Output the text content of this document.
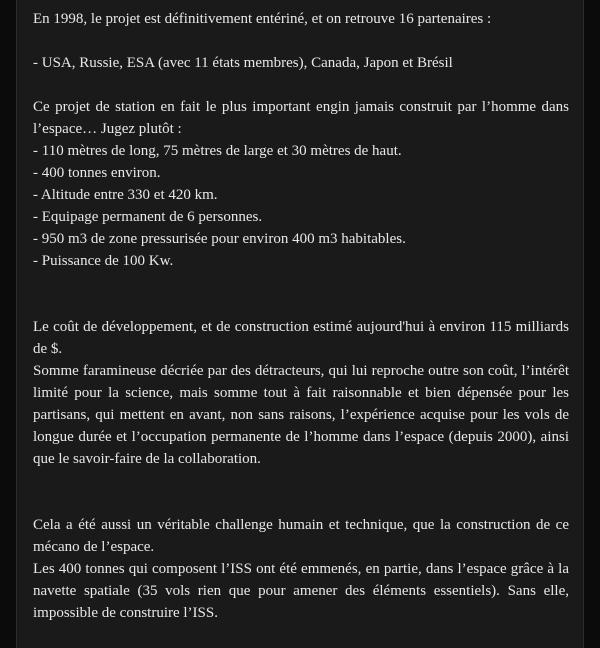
En 1998, le projet est définitivement entériné, et on retrouve 16 partenaires :

- USA, Russie, ESA (avec 11 états membres), Canada, Japon et Brésil

Ce projet de station en fait le plus important engin jamais construit par l’homme dans l’espace… Jugez plutôt :

- 110 mètres de long, 75 mètres de large et 30 mètres de haut.

- 400 tonnes environ.

- Altitude entre 330 et 420 km.

- Equipage permanent de 6 personnes.

- 950 m3 de zone pressurisée pour environ 400 m3 habitables.

- Puissance de 100 Kw.

Le coût de développement, et de construction estimé aujourd'hui à environ 115 milliards de $.

Somme faramineuse décriée par des détracteurs, qui lui reproche outre son coût, l’intérêt limité pour la science, mais somme tout à fait raisonnable et bien dépensée pour les partisans, qui mettent en avant, non sans raisons, l’expérience acquise pour les vols de longue durée et l’occupation permanente de l’homme dans l’espace (depuis 2000), ainsi que le savoir-faire de la collaboration.

Cela a été aussi un véritable challenge humain et technique, que la construction de ce mécano de l’espace.

Les 400 tonnes qui composent l’ISS ont été emmenés, en partie, dans l’espace grâce à la navette spatiale (35 vols rien que pour amener des éléments essentiels). Sans elle, impossible de construire l’ISS.
